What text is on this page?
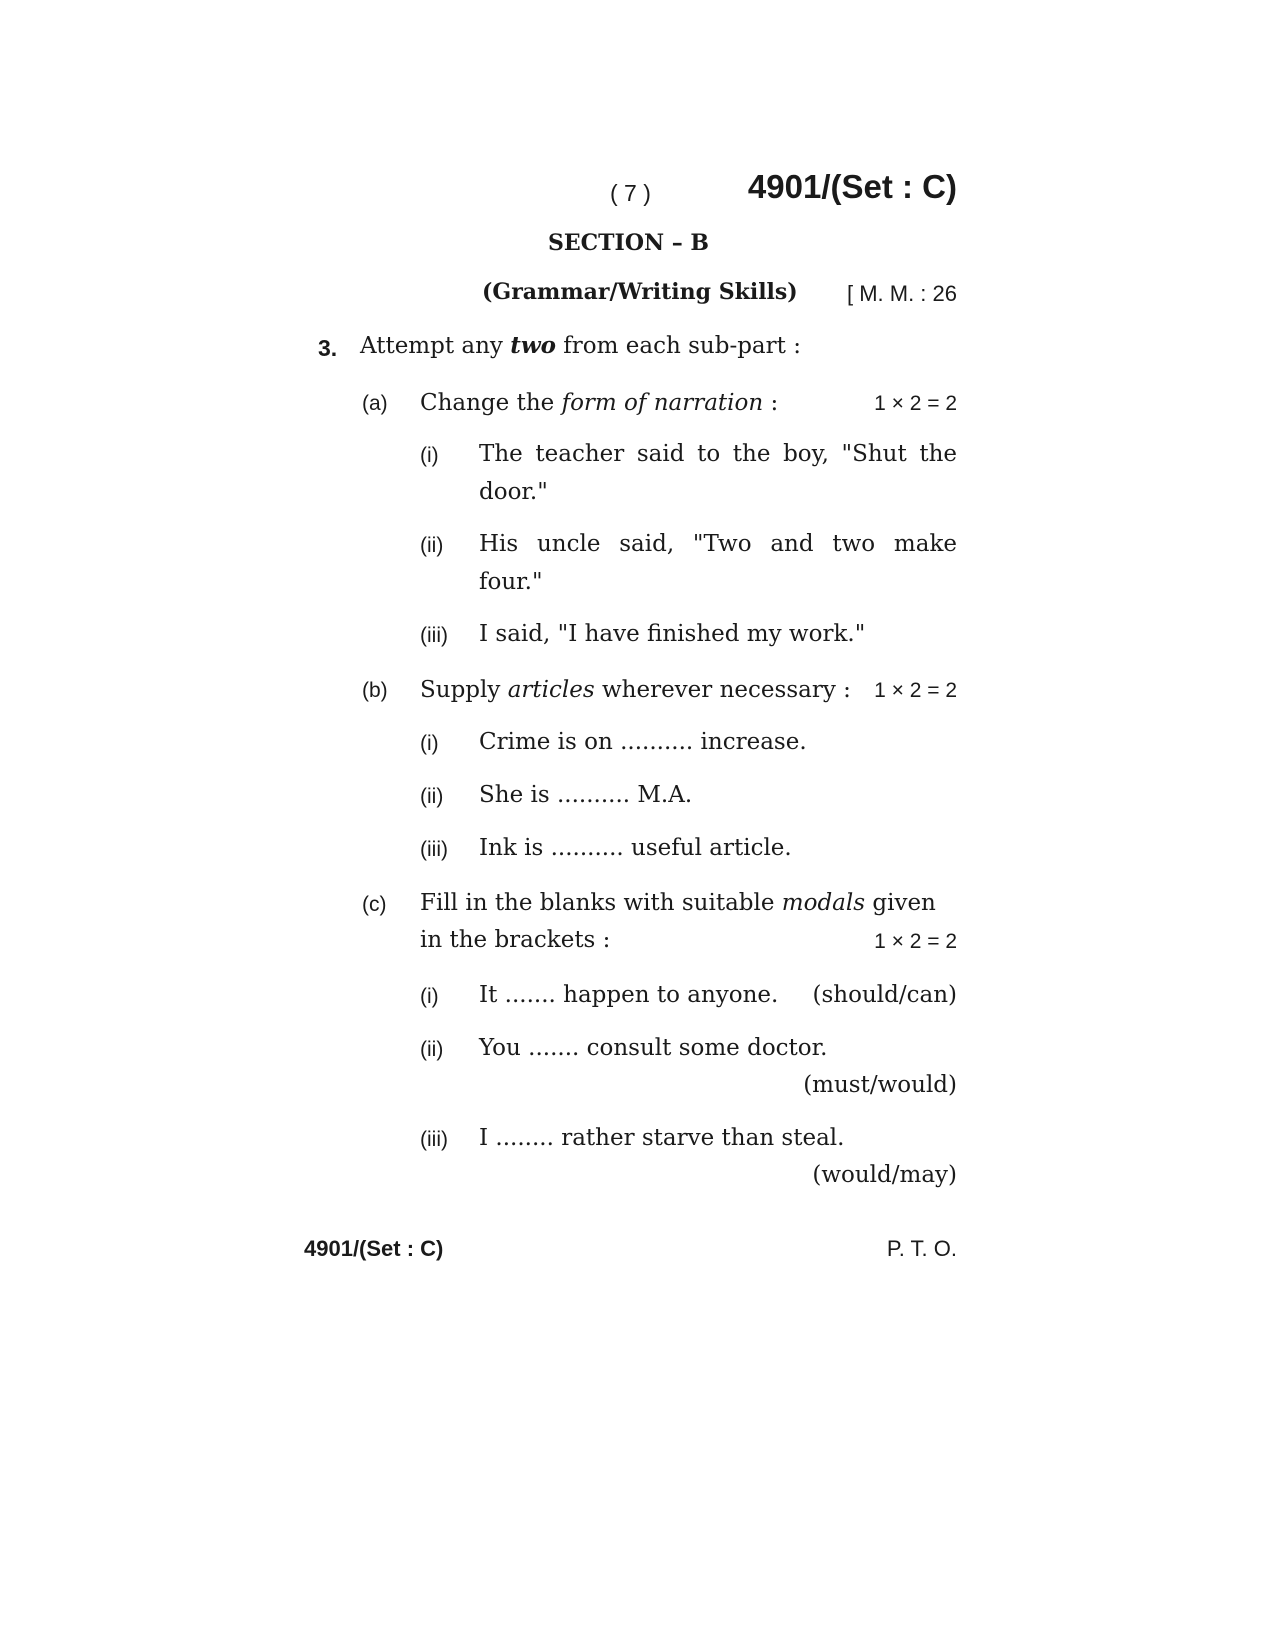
( 7 )	4901/(Set : C)
SECTION – B
(Grammar/Writing Skills) [ M. M. : 26
3. Attempt any two from each sub-part :
(a) Change the form of narration :	1 × 2 = 2
(i) The teacher said to the boy, "Shut the door."
(ii) His uncle said, "Two and two make four."
(iii) I said, "I have finished my work."
(b) Supply articles wherever necessary : 1 × 2 = 2
(i) Crime is on .......... increase.
(ii) She is .......... M.A.
(iii) Ink is .......... useful article.
(c) Fill in the blanks with suitable modals given
in the brackets :	1 × 2 = 2
(i) It ....... happen to anyone. (should/can)
(ii) You ....... consult some doctor.
(must/would)
(iii) I ........ rather starve than steal.
(would/may)
4901/(Set : C)	P. T. O.
